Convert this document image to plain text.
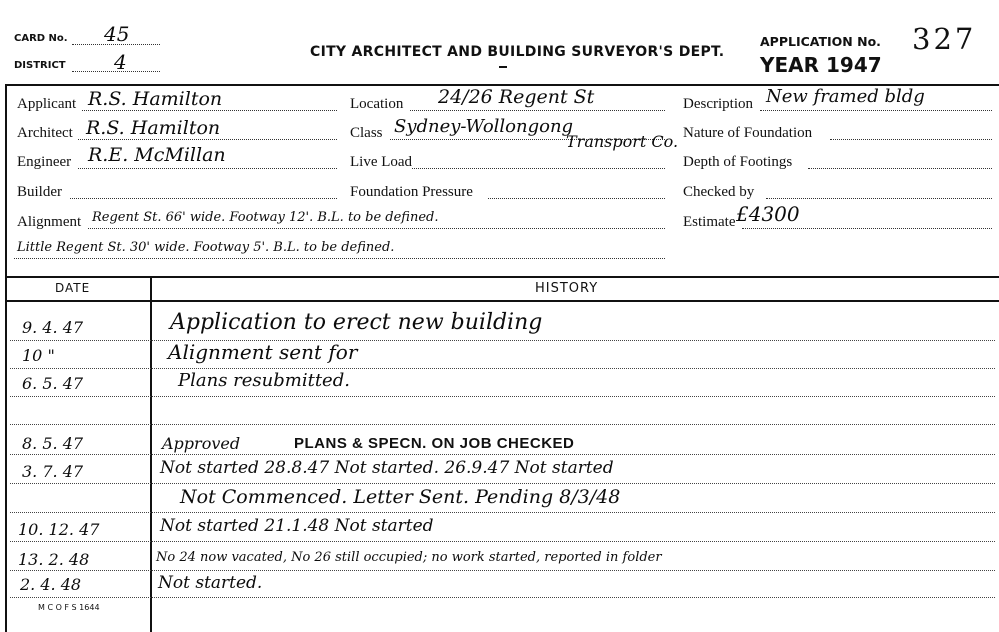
CARD No. 45
DISTRICT 4	CITY ARCHITECT AND BUILDING SURVEYOR'S DEPT.
APPLICATION No. 327
YEAR 1947
Applicant R.S. Hamilton
Architect R.S. Hamilton
Engineer R.E. McMillan
Builder
Location 24/26 Regent St
Class Sydney-Wollongong
Transport Co.
Live Load
Foundation Pressure
Description New framed bldg
Nature of Foundation
Depth of Footings
Checked by
Estimate £4300
Alignment Regent St. 66' wide. Footway 12'. B.L. to be defined.
Little Regent St. 30' wide. Footway 5'. B.L. to be defined.
DATE	HISTORY
9. 4. 47	Application to erect new building
10 "	Alignment sent for
6. 5. 47	Plans resubmitted.
8. 5. 47	Approved	PLANS & SPECN. ON JOB CHECKED
3. 7. 47	Not started 28.8.47 Not started. 26.9.47 Not started
Not Commenced. Letter Sent. Pending 8/3/48
10. 12. 47	Not started 21.1.48 Not started
13. 2. 48	No 24 now vacated, No 26 still occupied; no work started, reported in folder
2. 4. 48	Not started.
M C O F S 1644
